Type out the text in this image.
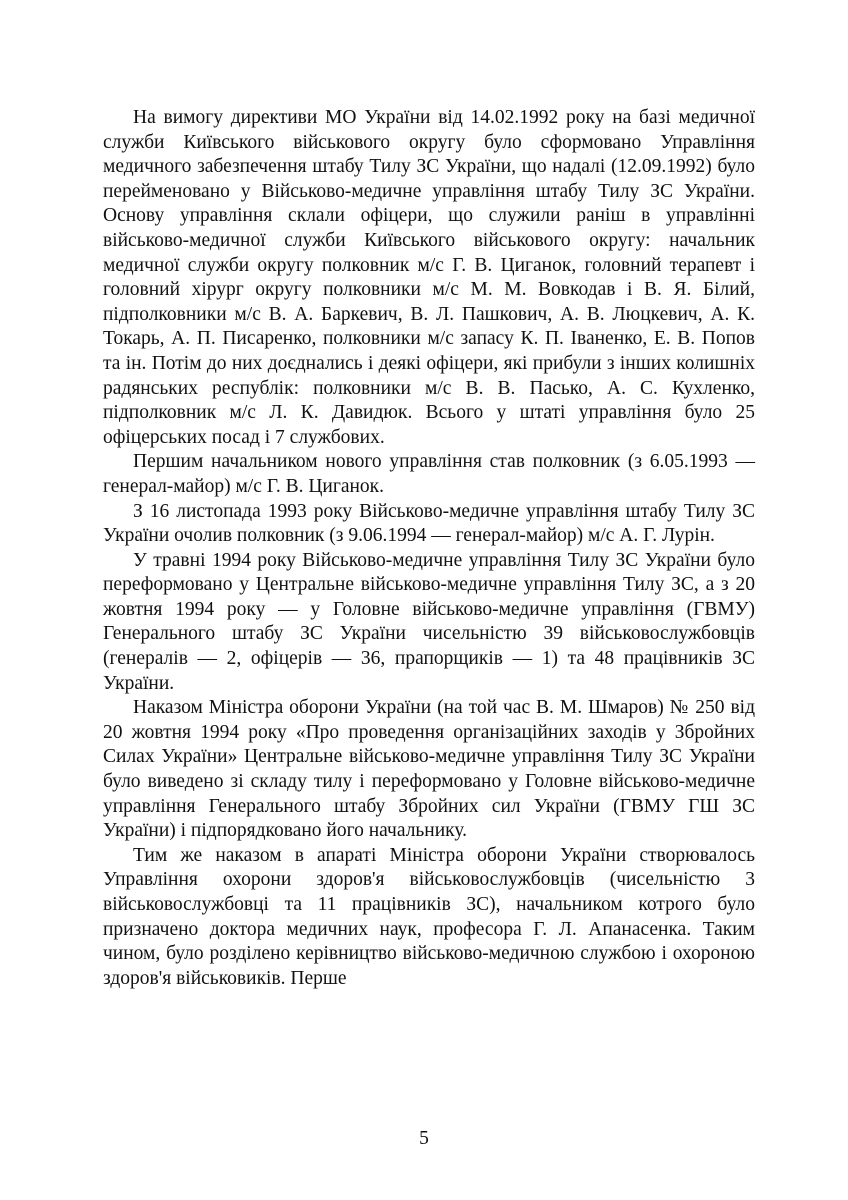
На вимогу директиви МО України від 14.02.1992 року на базі медичної служби Київського військового округу було сформовано Управління медичного забезпечення штабу Тилу ЗС України, що надалі (12.09.1992) було перейменовано у Військово-медичне управління штабу Тилу ЗС України. Основу управління склали офіцери, що служили раніш в управлінні військово-медичної служби Київського військового округу: начальник медичної служби округу полковник м/с Г. В. Циганок, головний терапевт і головний хірург округу полковники м/с М. М. Вовкодав і В. Я. Білий, підполковники м/с В. А. Баркевич, В. Л. Пашкович, А. В. Люцкевич, А. К. Токарь, А. П. Писаренко, полковники м/с запасу К. П. Іваненко, Е. В. Попов та ін. Потім до них доєднались і деякі офіцери, які прибули з інших колишніх радянських республік: полковники м/с В. В. Пасько, А. С. Кухленко, підполковник м/с Л. К. Давидюк. Всього у штаті управління було 25 офіцерських посад і 7 службових.

Першим начальником нового управління став полковник (з 6.05.1993 — генерал-майор) м/с Г. В. Циганок.

З 16 листопада 1993 року Військово-медичне управління штабу Тилу ЗС України очолив полковник (з 9.06.1994 — генерал-майор) м/с А. Г. Лурін.

У травні 1994 року Військово-медичне управління Тилу ЗС України було переформовано у Центральне військово-медичне управління Тилу ЗС, а з 20 жовтня 1994 року — у Головне військово-медичне управління (ГВМУ) Генерального штабу ЗС України чисельністю 39 військовослужбовців (генералів — 2, офіцерів — 36, прапорщиків — 1) та 48 працівників ЗС України.

Наказом Міністра оборони України (на той час В. М. Шмаров) № 250 від 20 жовтня 1994 року «Про проведення організаційних заходів у Збройних Силах України» Центральне військово-медичне управління Тилу ЗС України було виведено зі складу тилу і переформовано у Головне військово-медичне управління Генерального штабу Збройних сил України (ГВМУ ГШ ЗС України) і підпорядковано його начальнику.

Тим же наказом в апараті Міністра оборони України створювалось Управління охорони здоров'я військовослужбовців (чисельністю 3 військовослужбовці та 11 працівників ЗС), начальником котрого було призначено доктора медичних наук, професора Г. Л. Апанасенка. Таким чином, було розділено керівництво військово-медичною службою і охороною здоров'я військовиків. Перше

5
